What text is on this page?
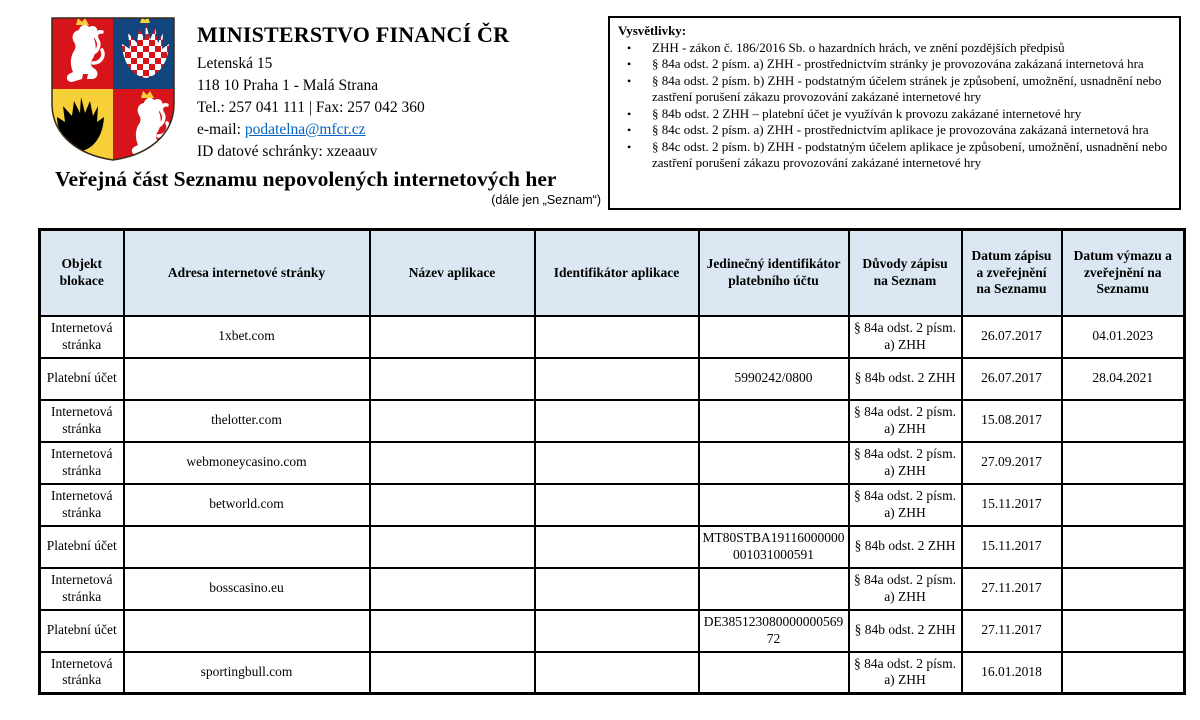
MINISTERSTVO FINANCÍ ČR
Letenská 15
118 10 Praha 1 - Malá Strana
Tel.: 257 041 111 | Fax: 257 042 360
e-mail: podatelna@mfcr.cz
ID datové schránky: xzeaauv
Veřejná část Seznamu nepovolených internetových her
(dále jen „Seznam“)
Vysvětlivky:
•	ZHH - zákon č. 186/2016 Sb. o hazardních hrách, ve znění pozdějších předpisů
•	§ 84a odst. 2 písm. a) ZHH - prostřednictvím stránky je provozována zakázaná internetová hra
•	§ 84a odst. 2 písm. b) ZHH - podstatným účelem stránek je způsobení, umožnění, usnadnění nebo zastření porušení zákazu provozování zakázané internetové hry
•	§ 84b odst. 2 ZHH – platební účet je využíván k provozu zakázané internetové hry
•	§ 84c odst. 2 písm. a) ZHH - prostřednictvím aplikace je provozována zakázaná internetová hra
•	§ 84c odst. 2 písm. b) ZHH - podstatným účelem aplikace je způsobení, umožnění, usnadnění nebo zastření porušení zákazu provozování zakázané internetové hry
Objekt blokace	Adresa internetové stránky	Název aplikace	Identifikátor aplikace	Jedinečný identifikátor platebního účtu	Důvody zápisu na Seznam	Datum zápisu a zveřejnění na Seznamu	Datum výmazu a zveřejnění na Seznamu
Internetová stránka	1xbet.com				§ 84a odst. 2 písm. a) ZHH	26.07.2017	04.01.2023
Platební účet				5990242/0800	§ 84b odst. 2 ZHH	26.07.2017	28.04.2021
Internetová stránka	thelotter.com				§ 84a odst. 2 písm. a) ZHH	15.08.2017	
Internetová stránka	webmoneycasino.com				§ 84a odst. 2 písm. a) ZHH	27.09.2017	
Internetová stránka	betworld.com				§ 84a odst. 2 písm. a) ZHH	15.11.2017	
Platební účet				MT80STBA19116000000001031000591	§ 84b odst. 2 ZHH	15.11.2017	
Internetová stránka	bosscasino.eu				§ 84a odst. 2 písm. a) ZHH	27.11.2017	
Platební účet				DE38512308000000056972	§ 84b odst. 2 ZHH	27.11.2017	
Internetová stránka	sportingbull.com				§ 84a odst. 2 písm. a) ZHH	16.01.2018	
